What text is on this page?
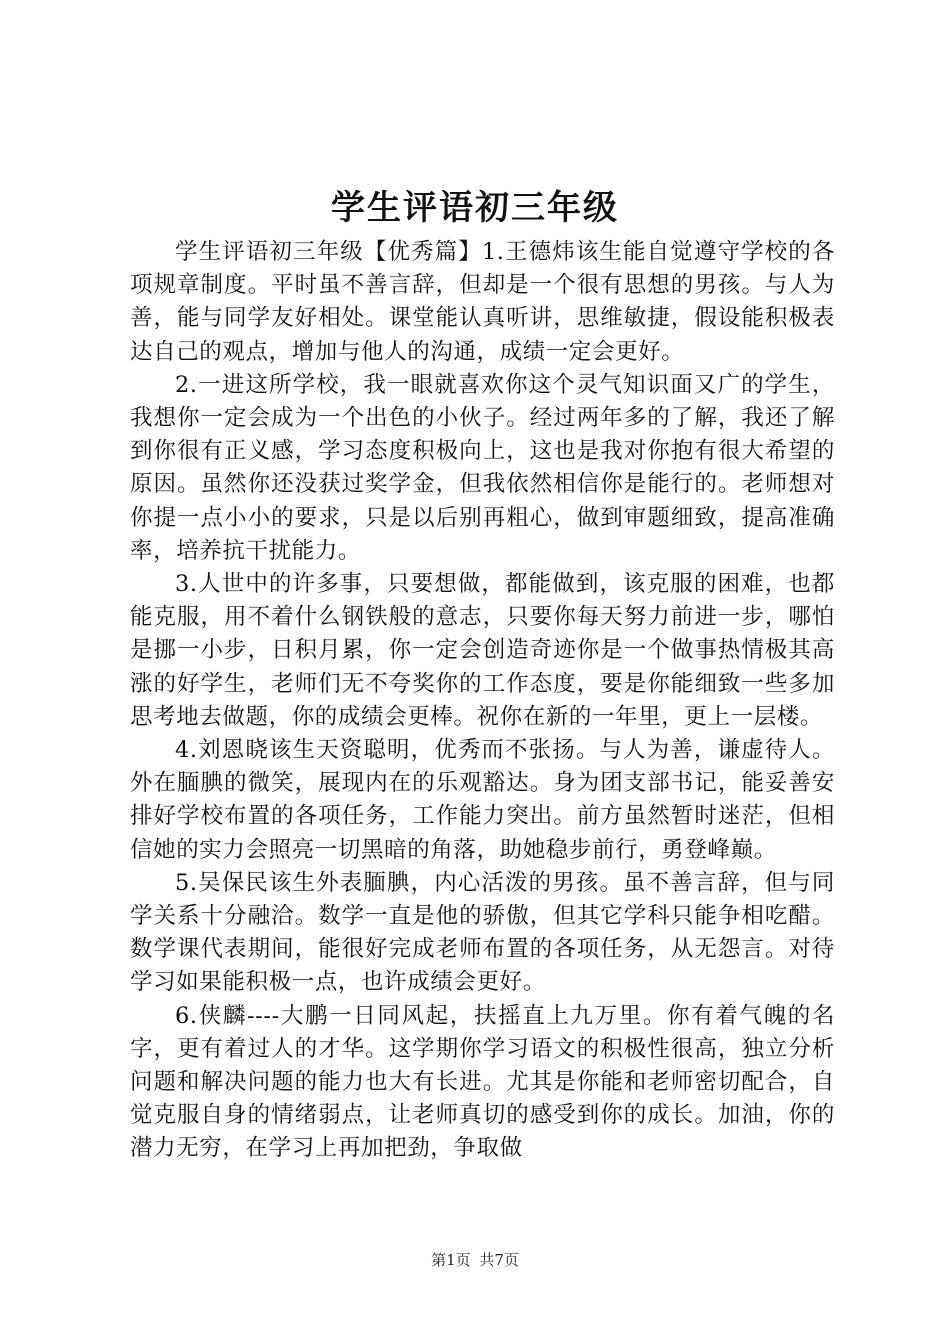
学生评语初三年级

学生评语初三年级【优秀篇】1.王德炜该生能自觉遵守学校的各项规章制度。平时虽不善言辞，但却是一个很有思想的男孩。与人为善，能与同学友好相处。课堂能认真听讲，思维敏捷，假设能积极表达自己的观点，增加与他人的沟通，成绩一定会更好。

2.一进这所学校，我一眼就喜欢你这个灵气知识面又广的学生，我想你一定会成为一个出色的小伙子。经过两年多的了解，我还了解到你很有正义感，学习态度积极向上，这也是我对你抱有很大希望的原因。虽然你还没获过奖学金，但我依然相信你是能行的。老师想对你提一点小小的要求，只是以后别再粗心，做到审题细致，提高准确率，培养抗干扰能力。

3.人世中的许多事，只要想做，都能做到，该克服的困难，也都能克服，用不着什么钢铁般的意志，只要你每天努力前进一步，哪怕是挪一小步，日积月累，你一定会创造奇迹你是一个做事热情极其高涨的好学生，老师们无不夸奖你的工作态度，要是你能细致一些多加思考地去做题，你的成绩会更棒。祝你在新的一年里，更上一层楼。

4.刘恩晓该生天资聪明，优秀而不张扬。与人为善，谦虚待人。外在腼腆的微笑，展现内在的乐观豁达。身为团支部书记，能妥善安排好学校布置的各项任务，工作能力突出。前方虽然暂时迷茫，但相信她的实力会照亮一切黑暗的角落，助她稳步前行，勇登峰巅。

5.吴保民该生外表腼腆，内心活泼的男孩。虽不善言辞，但与同学关系十分融洽。数学一直是他的骄傲，但其它学科只能争相吃醋。数学课代表期间，能很好完成老师布置的各项任务，从无怨言。对待学习如果能积极一点，也许成绩会更好。

6.侠麟----大鹏一日同风起，扶摇直上九万里。你有着气魄的名字，更有着过人的才华。这学期你学习语文的积极性很高，独立分析问题和解决问题的能力也大有长进。尤其是你能和老师密切配合，自觉克服自身的情绪弱点，让老师真切的感受到你的成长。加油，你的潜力无穷，在学习上再加把劲，争取做

第1页 共7页
